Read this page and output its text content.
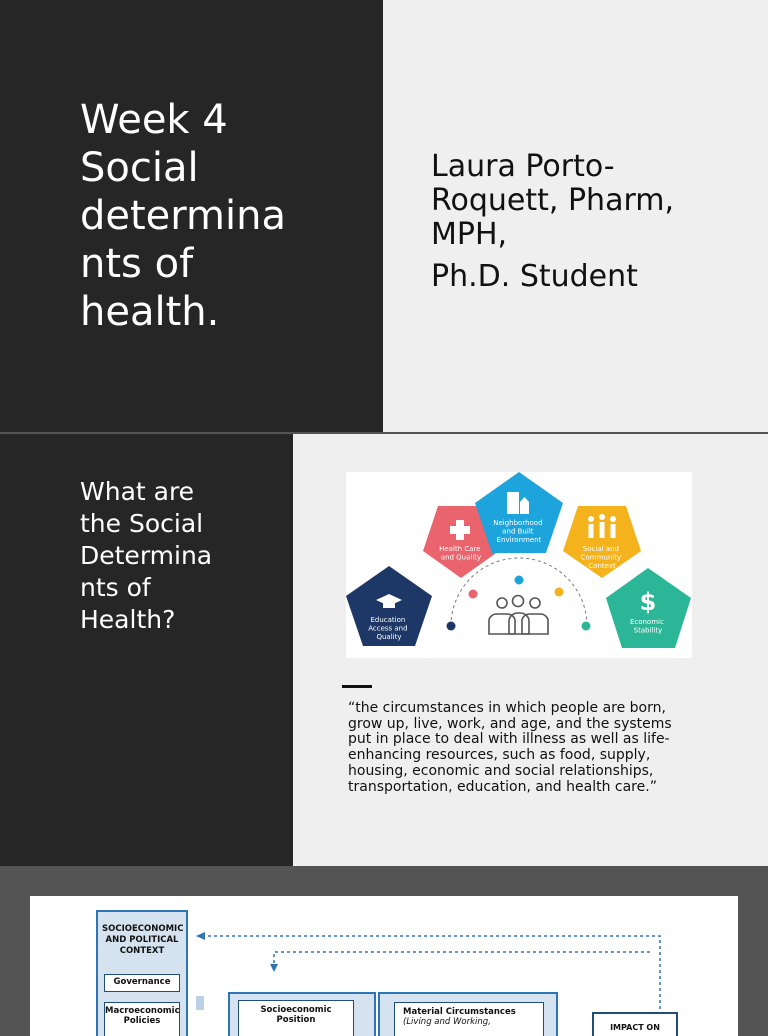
Week 4
Social
determina
nts of
health.
Laura Porto-
Roquett, Pharm,
MPH,
Ph.D. Student
What are
the Social
Determina
nts of
Health?	Education Access and Quality
Health Care and Quality
Neighborhood and Built Environment
Social and Community Context
$
Economic Stability

“the circumstances in which people are born,
grow up, live, work, and age, and the systems
put in place to deal with illness as well as life-
enhancing resources, such as food, supply,
housing, economic and social relationships,
transportation, education, and health care.”

SOCIOECONOMIC
AND POLITICAL
CONTEXT

Governance
Macroeconomic
Policies
Socioeconomic
Position
Material Circumstances
(Living and Working,
IMPACT ON
